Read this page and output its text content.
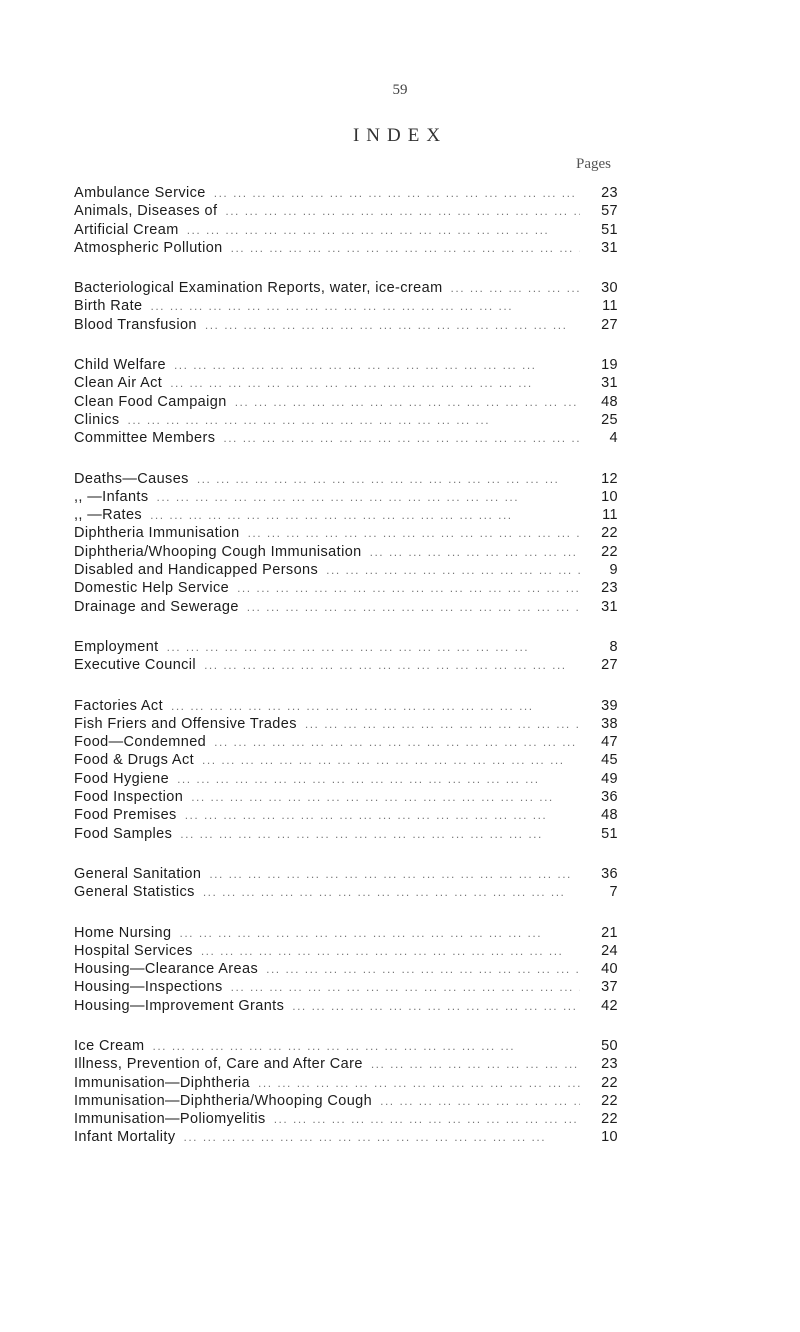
59
INDEX
Pages
Ambulance Service ... .	23
Animals, Diseases of ... .	57
Artificial Cream ... .	51
Atmospheric Pollution ... .	31
Bacteriological Examination Reports, water, ice-cream ... .	30
Birth Rate ... .	11
Blood Transfusion ... .	27
Child Welfare ... .	19
Clean Air Act ... .	31
Clean Food Campaign ... .	48
Clinics ... .	25
Committee Members ... .	4
Deaths—Causes ... .	12
,, —Infants ... .	10
,, —Rates ... .	11
Diphtheria Immunisation ... .	22
Diphtheria/Whooping Cough Immunisation ... .	22
Disabled and Handicapped Persons ... .	9
Domestic Help Service ... .	23
Drainage and Sewerage ... .	31
Employment ... .	8
Executive Council ... .	27
Factories Act ... .	39
Fish Friers and Offensive Trades ... .	38
Food—Condemned ... .	47
Food & Drugs Act ... .	45
Food Hygiene ... .	49
Food Inspection ... .	36
Food Premises ... .	48
Food Samples ... .	51
General Sanitation ... .	36
General Statistics ... .	7
Home Nursing ... .	21
Hospital Services ... .	24
Housing—Clearance Areas ... .	40
Housing—Inspections ... .	37
Housing—Improvement Grants ... .	42
Ice Cream ... .	50
Illness, Prevention of, Care and After Care ... .	23
Immunisation—Diphtheria ... .	22
Immunisation—Diphtheria/Whooping Cough ... .	22
Immunisation—Poliomyelitis ... .	22
Infant Mortality ... .	10
